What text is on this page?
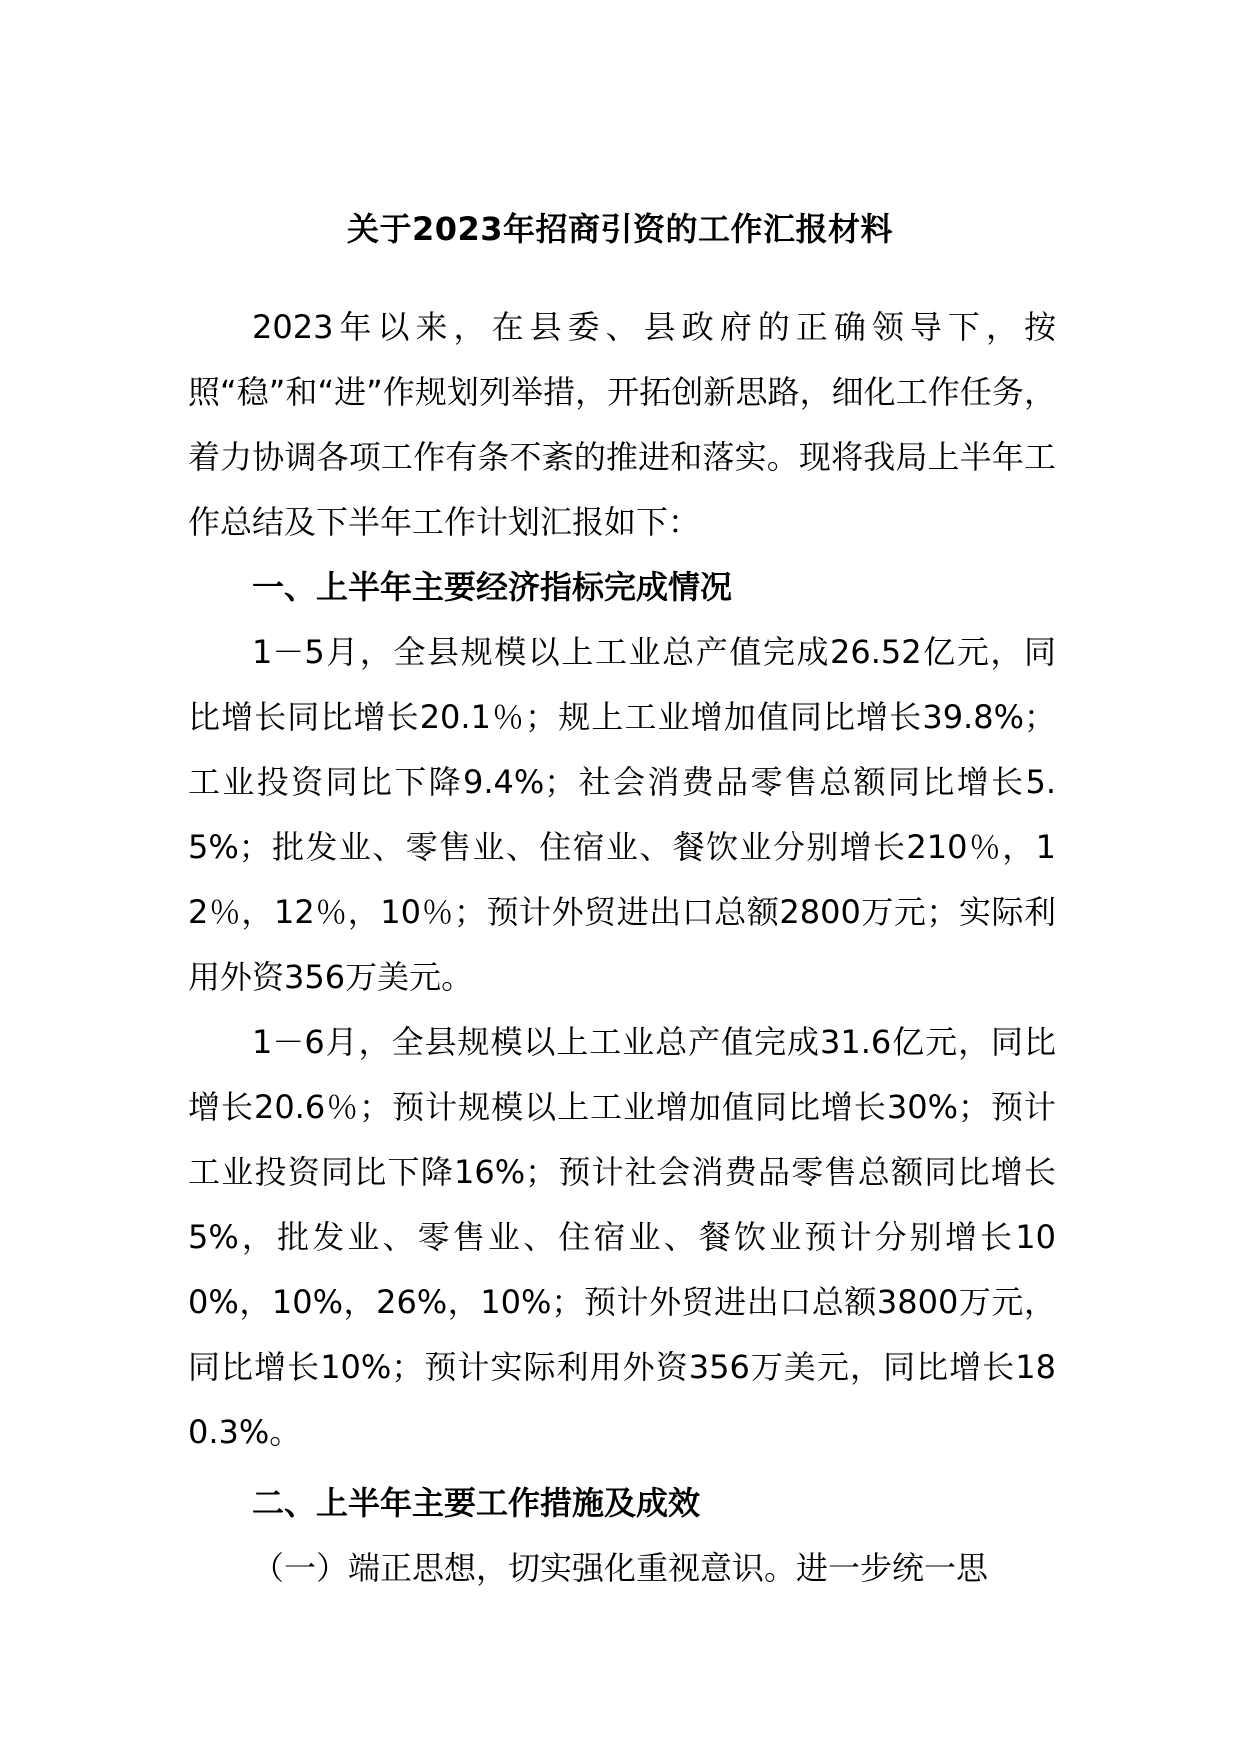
关于2023年招商引资的工作汇报材料

2023年以来，在县委、县政府的正确领导下，按照“稳”和“进”作规划列举措，开拓创新思路，细化工作任务，着力协调各项工作有条不紊的推进和落实。现将我局上半年工作总结及下半年工作计划汇报如下：

一、上半年主要经济指标完成情况

1－5月，全县规模以上工业总产值完成26.52亿元，同比增长同比增长20.1％；规上工业增加值同比增长39.8%；工业投资同比下降9.4%；社会消费品零售总额同比增长5.5%；批发业、零售业、住宿业、餐饮业分别增长210％，12％，12％，10％；预计外贸进出口总额2800万元；实际利用外资356万美元。

1－6月，全县规模以上工业总产值完成31.6亿元，同比增长20.6％；预计规模以上工业增加值同比增长30%；预计工业投资同比下降16%；预计社会消费品零售总额同比增长5%，批发业、零售业、住宿业、餐饮业预计分别增长100%，10%，26%，10%；预计外贸进出口总额3800万元，同比增长10%；预计实际利用外资356万美元，同比增长180.3%。

二、上半年主要工作措施及成效

（一）端正思想，切实强化重视意识。进一步统一思
